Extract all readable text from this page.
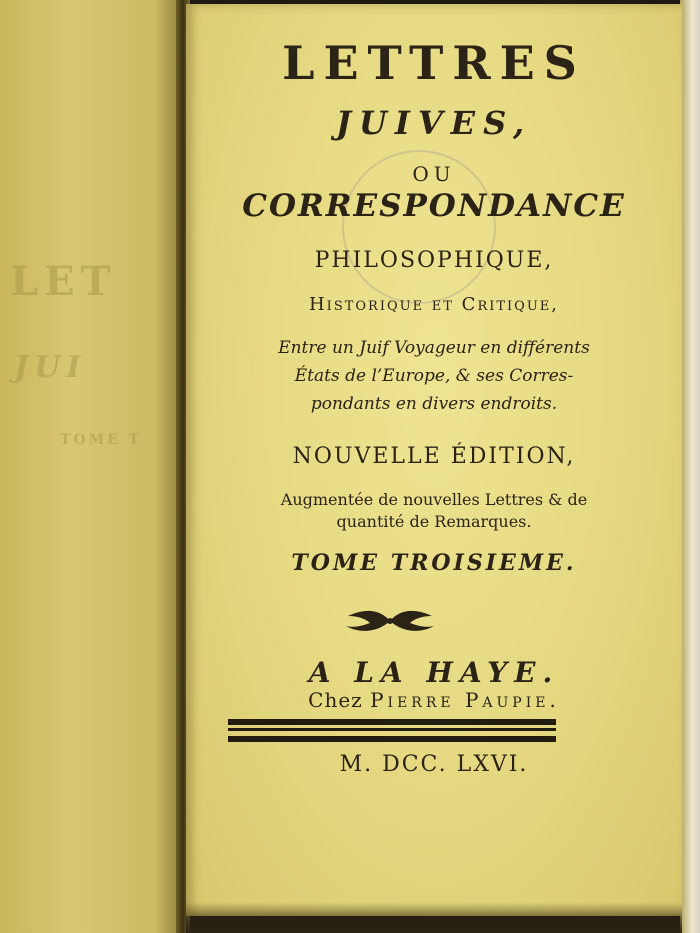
LET
JUI
TOME T
LETTRES
JUIVES,
OU
CORRESPONDANCE
PHILOSOPHIQUE,
Historique et Critique,
Entre un Juif Voyageur en différents
États de l’Europe, & ses Corres-
pondants en divers endroits.
NOUVELLE ÉDITION,
Augmentée de nouvelles Lettres & de
quantité de Remarques.
TOME TROISIEME.
A LA HAYE.
Chez Pierre Paupie.
M. DCC. LXVI.
